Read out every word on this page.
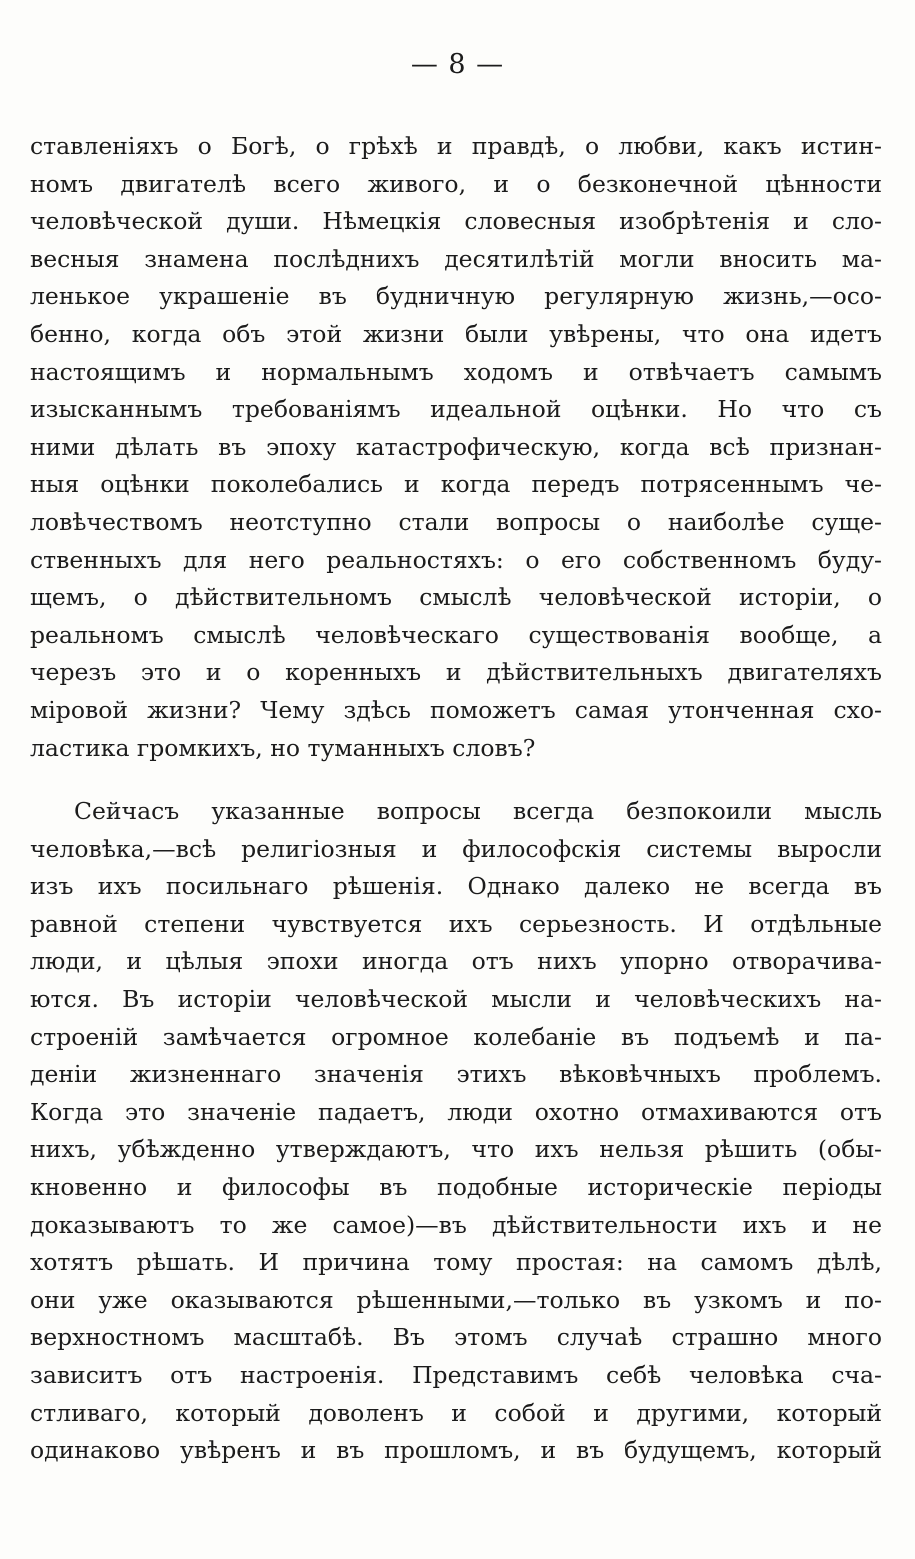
— 8 —
ставленіяхъ о Богѣ, о грѣхѣ и правдѣ, о любви, какъ истин-
номъ двигателѣ всего живого, и о безконечной цѣнности
человѣческой души. Нѣмецкія словесныя изобрѣтенія и сло-
весныя знамена послѣднихъ десятилѣтій могли вносить ма-
ленькое украшеніе въ будничную регулярную жизнь,—осо-
бенно, когда объ этой жизни были увѣрены, что она идетъ
настоящимъ и нормальнымъ ходомъ и отвѣчаетъ самымъ
изысканнымъ требованіямъ идеальной оцѣнки. Но что съ
ними дѣлать въ эпоху катастрофическую, когда всѣ признан-
ныя оцѣнки поколебались и когда передъ потрясеннымъ че-
ловѣчествомъ неотступно стали вопросы о наиболѣе суще-
ственныхъ для него реальностяхъ: о его собственномъ буду-
щемъ, о дѣйствительномъ смыслѣ человѣческой исторіи, о
реальномъ смыслѣ человѣческаго существованія вообще, а
черезъ это и о коренныхъ и дѣйствительныхъ двигателяхъ
міровой жизни? Чему здѣсь поможетъ самая утонченная схо-
ластика громкихъ, но туманныхъ словъ?
Сейчасъ указанные вопросы всегда безпокоили мысль
человѣка,—всѣ религіозныя и философскія системы выросли
изъ ихъ посильнаго рѣшенія. Однако далеко не всегда въ
равной степени чувствуется ихъ серьезность. И отдѣльные
люди, и цѣлыя эпохи иногда отъ нихъ упорно отворачива-
ются. Въ исторіи человѣческой мысли и человѣческихъ на-
строеній замѣчается огромное колебаніе въ подъемѣ и па-
деніи жизненнаго значенія этихъ вѣковѣчныхъ проблемъ.
Когда это значеніе падаетъ, люди охотно отмахиваются отъ
нихъ, убѣжденно утверждаютъ, что ихъ нельзя рѣшить (обы-
кновенно и философы въ подобные историческіе періоды
доказываютъ то же самое)—въ дѣйствительности ихъ и не
хотятъ рѣшать. И причина тому простая: на самомъ дѣлѣ,
они уже оказываются рѣшенными,—только въ узкомъ и по-
верхностномъ масштабѣ. Въ этомъ случаѣ страшно много
зависитъ отъ настроенія. Представимъ себѣ человѣка сча-
стливаго, который доволенъ и собой и другими, который
одинаково увѣренъ и въ прошломъ, и въ будущемъ, который
